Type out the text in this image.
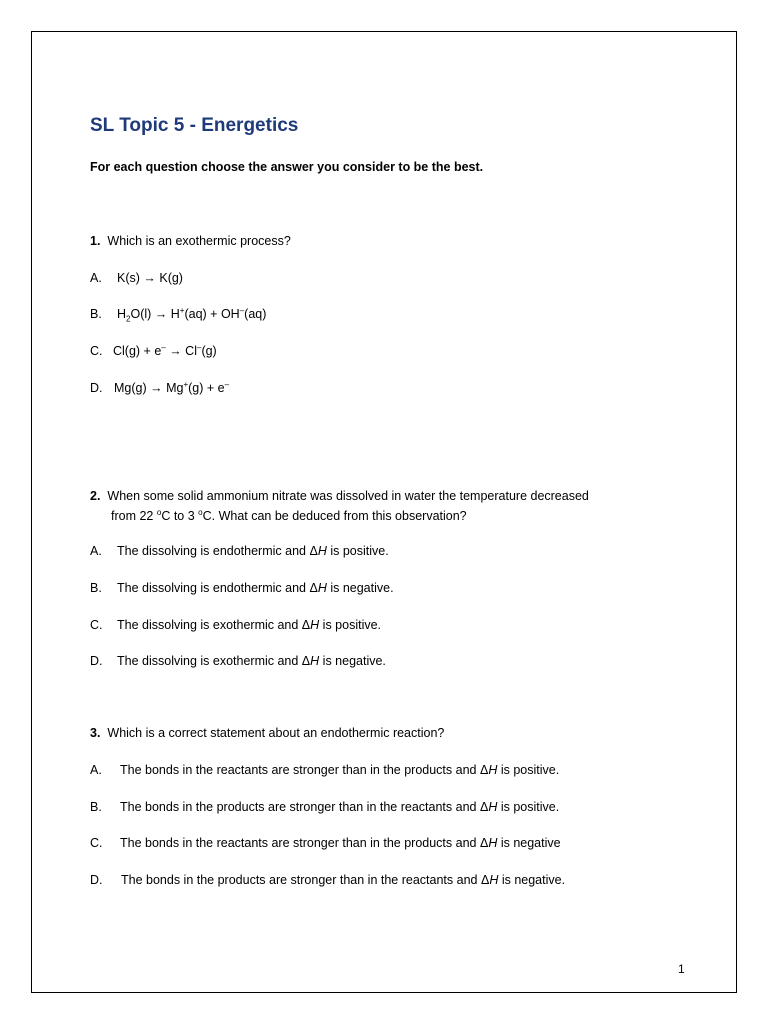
SL Topic 5 - Energetics
For each question choose the answer you consider to be the best.
1. Which is an exothermic process?
A. K(s) → K(g)
B. $H_2O(l) \to H^+(aq) + OH^-(aq)$
C. Cl(g) + e– → Cl–(g)
D. Mg(g) → Mg+(g) + e–
2. When some solid ammonium nitrate was dissolved in water the temperature decreased
from 22 $^o$C to 3 $^o$C. What can be deduced from this observation?
A. The dissolving is endothermic and ΔH is positive.
B. The dissolving is endothermic and ΔH is negative.
C. The dissolving is exothermic and ΔH is positive.
D. The dissolving is exothermic and ΔH is negative.
3. Which is a correct statement about an endothermic reaction?
A. The bonds in the reactants are stronger than in the products and ΔH is positive.
B. The bonds in the products are stronger than in the reactants and ΔH is positive.
C. The bonds in the reactants are stronger than in the products and ΔH is negative
D. The bonds in the products are stronger than in the reactants and ΔH is negative.
1
